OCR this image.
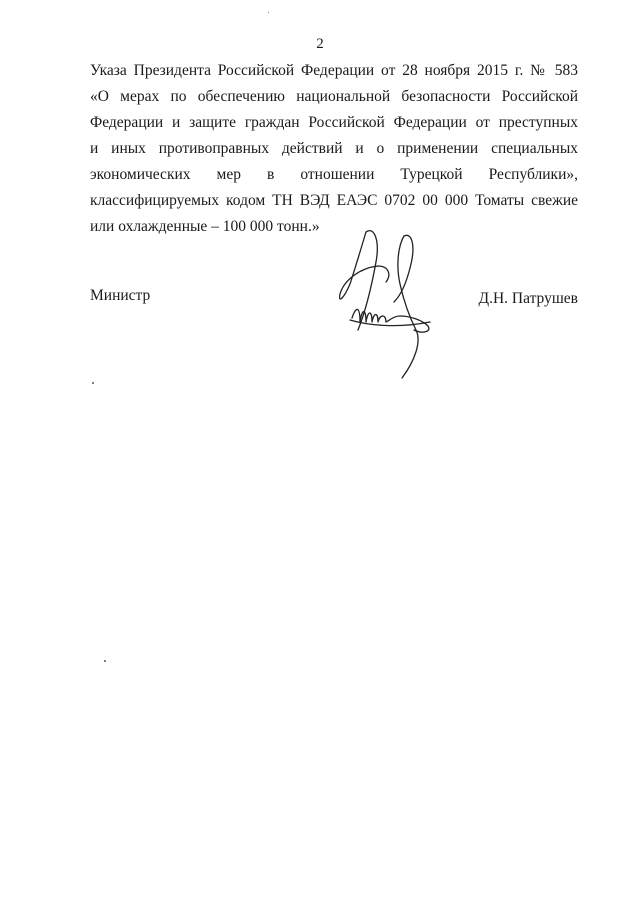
2
Указа Президента Российской Федерации от 28 ноября 2015 г. № 583
«О мерах по обеспечению национальной безопасности Российской
Федерации и защите граждан Российской Федерации от преступных
и иных противоправных действий и о применении специальных
экономических мер в отношении Турецкой Республики»,
классифицируемых кодом ТН ВЭД ЕАЭС 0702 00 000 Томаты свежие
или охлажденные – 100 000 тонн.»
Министр	Д.Н. Патрушев
